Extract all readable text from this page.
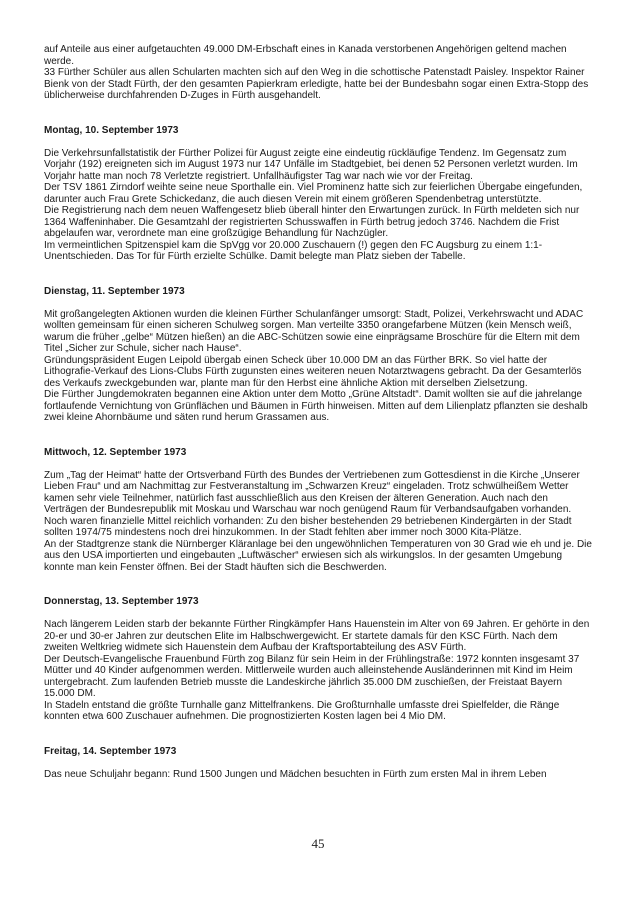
auf Anteile aus einer aufgetauchten 49.000 DM-Erbschaft eines in Kanada verstorbenen Angehörigen geltend machen werde.

33 Fürther Schüler aus allen Schularten machten sich auf den Weg in die schottische Patenstadt Paisley. Inspektor Rainer Bienk von der Stadt Fürth, der den gesamten Papierkram erledigte, hatte bei der Bundesbahn sogar einen Extra-Stopp des üblicherweise durchfahrenden D-Zuges in Fürth ausgehandelt.

Montag, 10. September 1973

Die Verkehrsunfallstatistik der Fürther Polizei für August zeigte eine eindeutig rückläufige Tendenz. Im Gegensatz zum Vorjahr (192) ereigneten sich im August 1973 nur 147 Unfälle im Stadtgebiet, bei denen 52 Personen verletzt wurden. Im Vorjahr hatte man noch 78 Verletzte registriert. Unfallhäufigster Tag war nach wie vor der Freitag.

Der TSV 1861 Zirndorf weihte seine neue Sporthalle ein. Viel Prominenz hatte sich zur feierlichen Übergabe eingefunden, darunter auch Frau Grete Schickedanz, die auch diesen Verein mit einem größeren Spendenbetrag unterstützte.

Die Registrierung nach dem neuen Waffengesetz blieb überall hinter den Erwartungen zurück. In Fürth meldeten sich nur 1364 Waffeninhaber. Die Gesamtzahl der registrierten Schusswaffen in Fürth betrug jedoch 3746. Nachdem die Frist abgelaufen war, verordnete man eine großzügige Behandlung für Nachzügler.

Im vermeintlichen Spitzenspiel kam die SpVgg vor 20.000 Zuschauern (!) gegen den FC Augsburg zu einem 1:1-Unentschieden. Das Tor für Fürth erzielte Schülke. Damit belegte man Platz sieben der Tabelle.

Dienstag, 11. September 1973

Mit großangelegten Aktionen wurden die kleinen Fürther Schulanfänger umsorgt: Stadt, Polizei, Verkehrswacht und ADAC wollten gemeinsam für einen sicheren Schulweg sorgen. Man verteilte 3350 orangefarbene Mützen (kein Mensch weiß, warum die früher „gelbe“ Mützen hießen) an die ABC-Schützen sowie eine einprägsame Broschüre für die Eltern mit dem Titel „Sicher zur Schule, sicher nach Hause“.

Gründungspräsident Eugen Leipold übergab einen Scheck über 10.000 DM an das Fürther BRK. So viel hatte der Lithografie-Verkauf des Lions-Clubs Fürth zugunsten eines weiteren neuen Notarztwagens gebracht. Da der Gesamterlös des Verkaufs zweckgebunden war, plante man für den Herbst eine ähnliche Aktion mit derselben Zielsetzung.

Die Fürther Jungdemokraten begannen eine Aktion unter dem Motto „Grüne Altstadt“. Damit wollten sie auf die jahrelange fortlaufende Vernichtung von Grünflächen und Bäumen in Fürth hinweisen. Mitten auf dem Lilienplatz pflanzten sie deshalb zwei kleine Ahornbäume und säten rund herum Grassamen aus.

Mittwoch, 12. September 1973

Zum „Tag der Heimat“ hatte der Ortsverband Fürth des Bundes der Vertriebenen zum Gottesdienst in die Kirche „Unserer Lieben Frau“ und am Nachmittag zur Festveranstaltung im „Schwarzen Kreuz“ eingeladen. Trotz schwülheißem Wetter kamen sehr viele Teilnehmer, natürlich fast ausschließlich aus den Kreisen der älteren Generation. Auch nach den Verträgen der Bundesrepublik mit Moskau und Warschau war noch genügend Raum für Verbandsaufgaben vorhanden.

Noch waren finanzielle Mittel reichlich vorhanden: Zu den bisher bestehenden 29 betriebenen Kindergärten in der Stadt sollten 1974/75 mindestens noch drei hinzukommen. In der Stadt fehlten aber immer noch 3000 Kita-Plätze.

An der Stadtgrenze stank die Nürnberger Kläranlage bei den ungewöhnlichen Temperaturen von 30 Grad wie eh und je. Die aus den USA importierten und eingebauten „Luftwäscher“ erwiesen sich als wirkungslos. In der gesamten Umgebung konnte man kein Fenster öffnen. Bei der Stadt häuften sich die Beschwerden.

Donnerstag, 13. September 1973

Nach längerem Leiden starb der bekannte Fürther Ringkämpfer Hans Hauenstein im Alter von 69 Jahren. Er gehörte in den 20-er und 30-er Jahren zur deutschen Elite im Halbschwergewicht. Er startete damals für den KSC Fürth. Nach dem zweiten Weltkrieg widmete sich Hauenstein dem Aufbau der Kraftsportabteilung des ASV Fürth.

Der Deutsch-Evangelische Frauenbund Fürth zog Bilanz für sein Heim in der Frühlingstraße: 1972 konnten insgesamt 37 Mütter und 40 Kinder aufgenommen werden. Mittlerweile wurden auch alleinstehende Ausländerinnen mit Kind im Heim untergebracht. Zum laufenden Betrieb musste die Landeskirche jährlich 35.000 DM zuschießen, der Freistaat Bayern 15.000 DM.

In Stadeln entstand die größte Turnhalle ganz Mittelfrankens. Die Großturnhalle umfasste drei Spielfelder, die Ränge konnten etwa 600 Zuschauer aufnehmen. Die prognostizierten Kosten lagen bei 4 Mio DM.

Freitag, 14. September 1973

Das neue Schuljahr begann: Rund 1500 Jungen und Mädchen besuchten in Fürth zum ersten Mal in ihrem Leben

45
